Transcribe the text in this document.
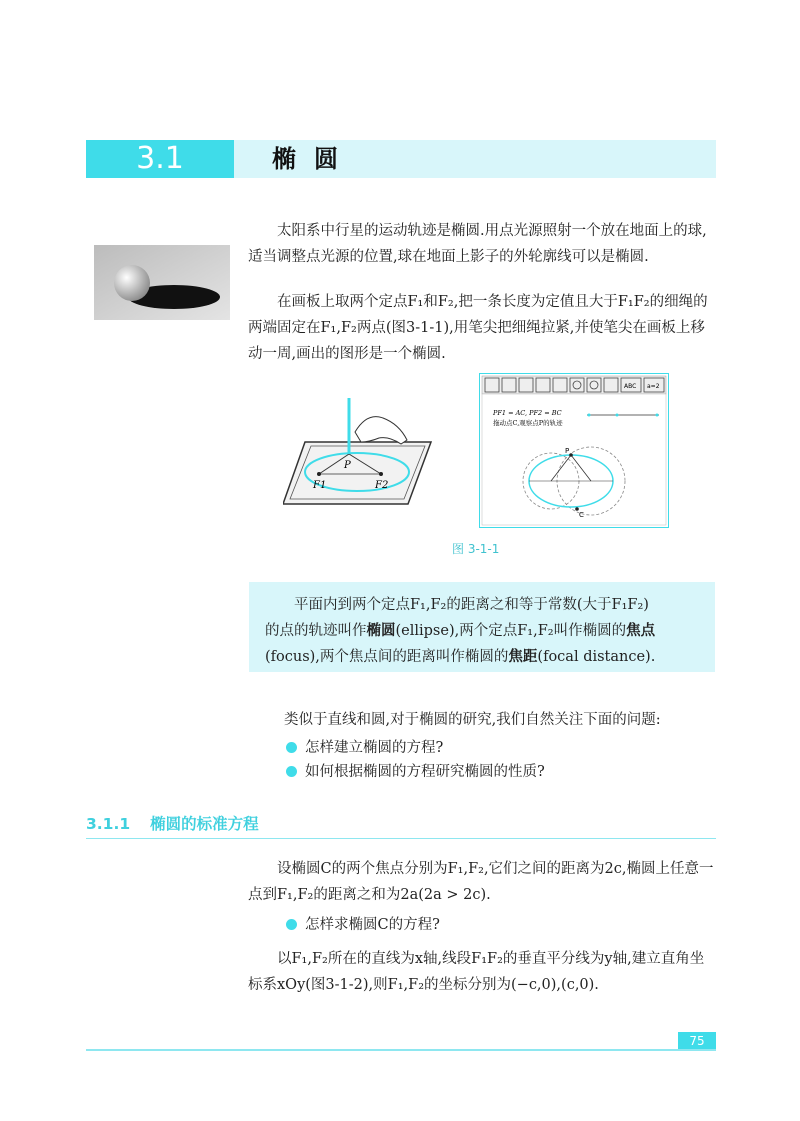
3.1	椭圆
太阳系中行星的运动轨迹是椭圆.用点光源照射一个放在地面上的球,适当调整点光源的位置,球在地面上影子的外轮廓线可以是椭圆.
在画板上取两个定点F₁和F₂,把一条长度为定值且大于F₁F₂的细绳的两端固定在F₁,F₂两点(图3-1-1),用笔尖把细绳拉紧,并使笔尖在画板上移动一周,画出的图形是一个椭圆.
P
F1	F2
ABC a=2
PF1 = AC, PF2 = BC
拖动点C,观察点P的轨迹
P
C
图 3-1-1
平面内到两个定点F₁,F₂的距离之和等于常数(大于F₁F₂)
的点的轨迹叫作椭圆(ellipse),两个定点F₁,F₂叫作椭圆的焦点
(focus),两个焦点间的距离叫作椭圆的焦距(focal distance).
类似于直线和圆,对于椭圆的研究,我们自然关注下面的问题:
怎样建立椭圆的方程?
如何根据椭圆的方程研究椭圆的性质?
3.1.1 椭圆的标准方程
设椭圆C的两个焦点分别为F₁,F₂,它们之间的距离为2c,椭圆上任意一点到F₁,F₂的距离之和为2a(2a > 2c).
怎样求椭圆C的方程?
以F₁,F₂所在的直线为x轴,线段F₁F₂的垂直平分线为y轴,建立直角坐标系xOy(图3-1-2),则F₁,F₂的坐标分别为(−c,0),(c,0).
75
